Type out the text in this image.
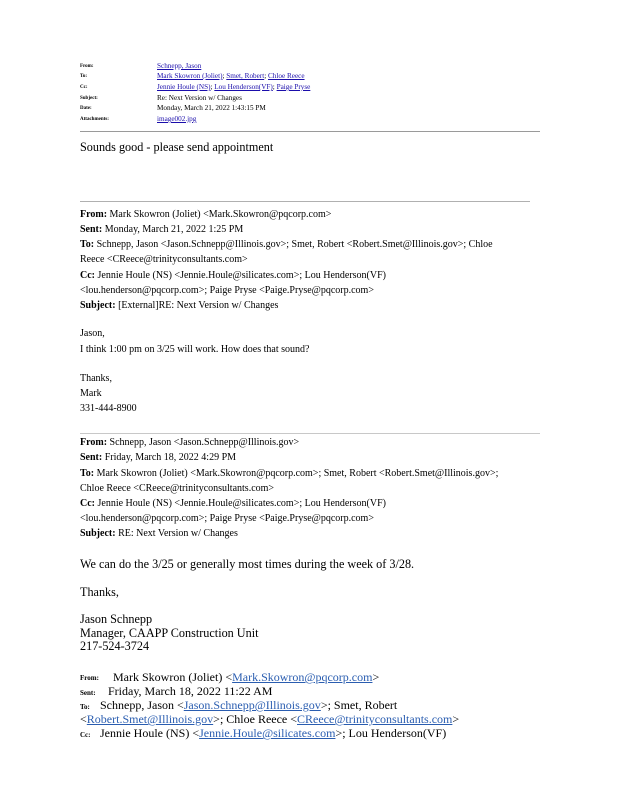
From:	Schnepp, Jason
To:	Mark Skowron (Joliet); Smet, Robert; Chloe Reece
Cc:	Jennie Houle (NS); Lou Henderson(VF); Paige Pryse
Subject:	Re: Next Version w/ Changes
Date:	Monday, March 21, 2022 1:43:15 PM
Attachments:	image002.jpg
Sounds good - please send appointment
From: Mark Skowron (Joliet) <Mark.Skowron@pqcorp.com>
Sent: Monday, March 21, 2022 1:25 PM
To: Schnepp, Jason <Jason.Schnepp@Illinois.gov>; Smet, Robert <Robert.Smet@Illinois.gov>; Chloe
Reece <CReece@trinityconsultants.com>
Cc: Jennie Houle (NS) <Jennie.Houle@silicates.com>; Lou Henderson(VF)
<lou.henderson@pqcorp.com>; Paige Pryse <Paige.Pryse@pqcorp.com>
Subject: [External]RE: Next Version w/ Changes
Jason,
I think 1:00 pm on 3/25 will work. How does that sound?
Thanks,
Mark
331-444-8900
From: Schnepp, Jason <Jason.Schnepp@Illinois.gov>
Sent: Friday, March 18, 2022 4:29 PM
To: Mark Skowron (Joliet) <Mark.Skowron@pqcorp.com>; Smet, Robert <Robert.Smet@Illinois.gov>;
Chloe Reece <CReece@trinityconsultants.com>
Cc: Jennie Houle (NS) <Jennie.Houle@silicates.com>; Lou Henderson(VF)
<lou.henderson@pqcorp.com>; Paige Pryse <Paige.Pryse@pqcorp.com>
Subject: RE: Next Version w/ Changes
We can do the 3/25 or generally most times during the week of 3/28.
Thanks,
Jason Schnepp
Manager, CAAPP Construction Unit
217-524-3724
From: Mark Skowron (Joliet) <Mark.Skowron@pqcorp.com>
Sent: Friday, March 18, 2022 11:22 AM
To: Schnepp, Jason <Jason.Schnepp@Illinois.gov>; Smet, Robert
<Robert.Smet@Illinois.gov>; Chloe Reece <CReece@trinityconsultants.com>
Cc: Jennie Houle (NS) <Jennie.Houle@silicates.com>; Lou Henderson(VF)
